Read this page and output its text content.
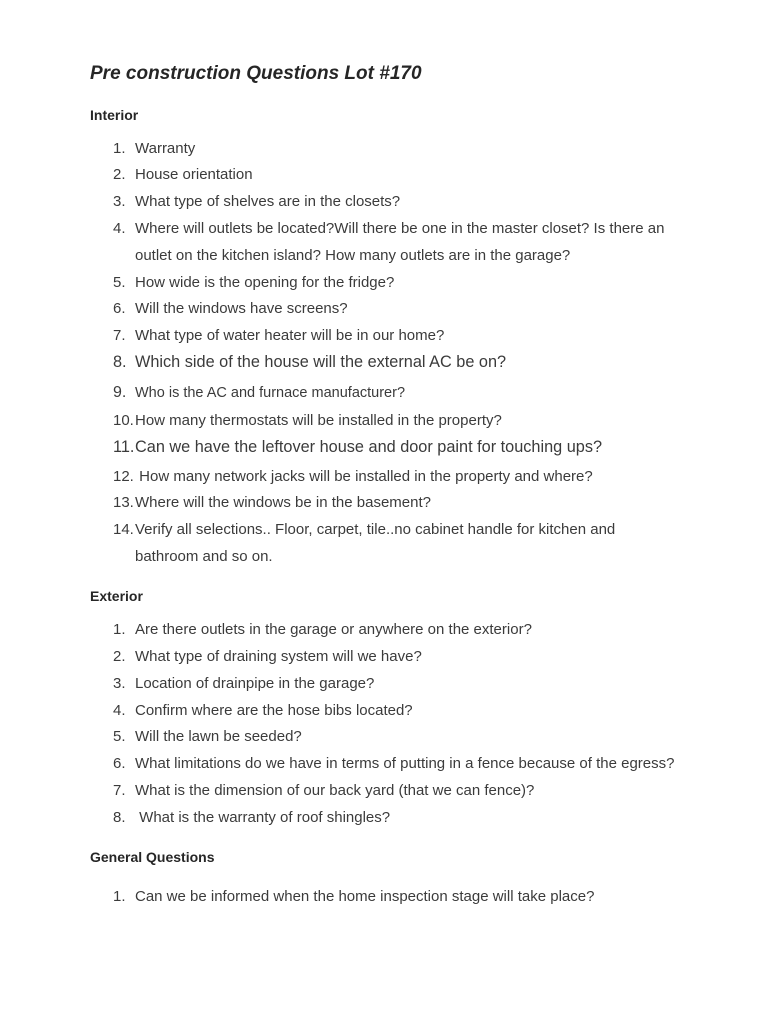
Pre construction Questions Lot #170
Interior
1. Warranty
2. House orientation
3. What type of shelves are in the closets?
4. Where will outlets be located?Will there be one in the master closet? Is there an outlet on the kitchen island? How many outlets are in the garage?
5. How wide is the opening for the fridge?
6. Will the windows have screens?
7. What type of water heater will be in our home?
8. Which side of the house will the external AC be on?
9. Who is the AC and furnace manufacturer?
10. How many thermostats will be installed in the property?
11. Can we have the leftover house and door paint for touching ups?
12. How many network jacks will be installed in the property and where?
13. Where will the windows be in the basement?
14. Verify all selections.. Floor, carpet, tile..no cabinet handle for kitchen and bathroom and so on.
Exterior
1. Are there outlets in the garage or anywhere on the exterior?
2. What type of draining system will we have?
3. Location of drainpipe in the garage?
4. Confirm where are the hose bibs located?
5. Will the lawn be seeded?
6. What limitations do we have in terms of putting in a fence because of the egress?
7. What is the dimension of our back yard (that we can fence)?
8. What is the warranty of roof shingles?
General Questions
1. Can we be informed when the home inspection stage will take place?
